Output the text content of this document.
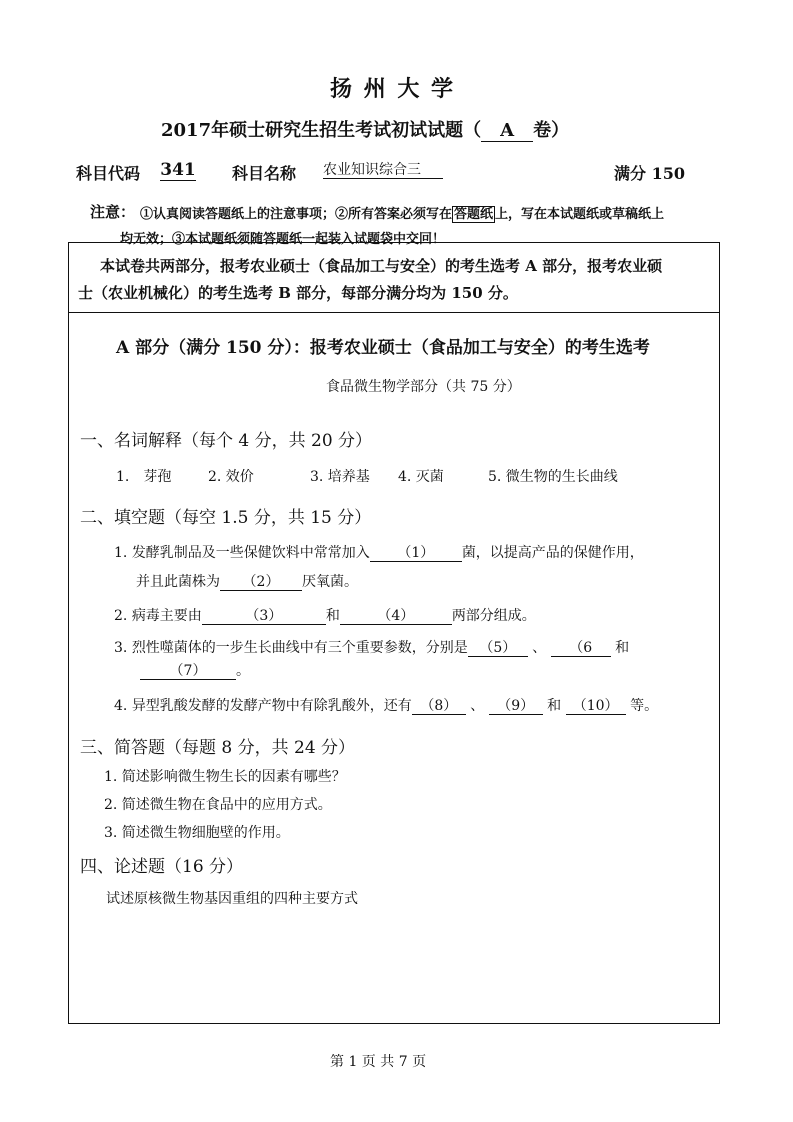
扬 州 大 学
2017年硕士研究生招生考试初试试题（ A 卷）
科目代码 341 科目名称 农业知识综合三	满分 150
注意： ①认真阅读答题纸上的注意事项；②所有答案必须写在 答题纸 上，写在本试题纸或草稿纸上
均无效；③本试题纸须随答题纸一起装入试题袋中交回！
本试卷共两部分，报考农业硕士（食品加工与安全）的考生选考 A 部分，报考农业硕
士（农业机械化）的考生选考 B 部分，每部分满分均为 150 分。
A 部分（满分 150 分）：报考农业硕士（食品加工与安全）的考生选考
食品微生物学部分（共 75 分）
一、名词解释（每个 4 分，共 20 分）
1.　芽孢	2. 效价	3. 培养基 4. 灭菌	5. 微生物的生长曲线
二、填空题（每空 1.5 分，共 15 分）
1. 发酵乳制品及一些保健饮料中常常加入 （1） 菌，以提高产品的保健作用，
并且此菌株为 （2） 厌氧菌。
2. 病毒主要由	（3）	和	（4）	两部分组成。
3. 烈性噬菌体的一步生长曲线中有三个重要参数，分别是 （5） 、 （6 和
（7） 。
4. 异型乳酸发酵的发酵产物中有除乳酸外，还有 （8） 、 （9） 和 （10） 等。
三、简答题（每题 8 分，共 24 分）
1. 简述影响微生物生长的因素有哪些？
2. 简述微生物在食品中的应用方式。
3. 简述微生物细胞壁的作用。
四、论述题（16 分）
试述原核微生物基因重组的四种主要方式
第 1 页 共 7 页
